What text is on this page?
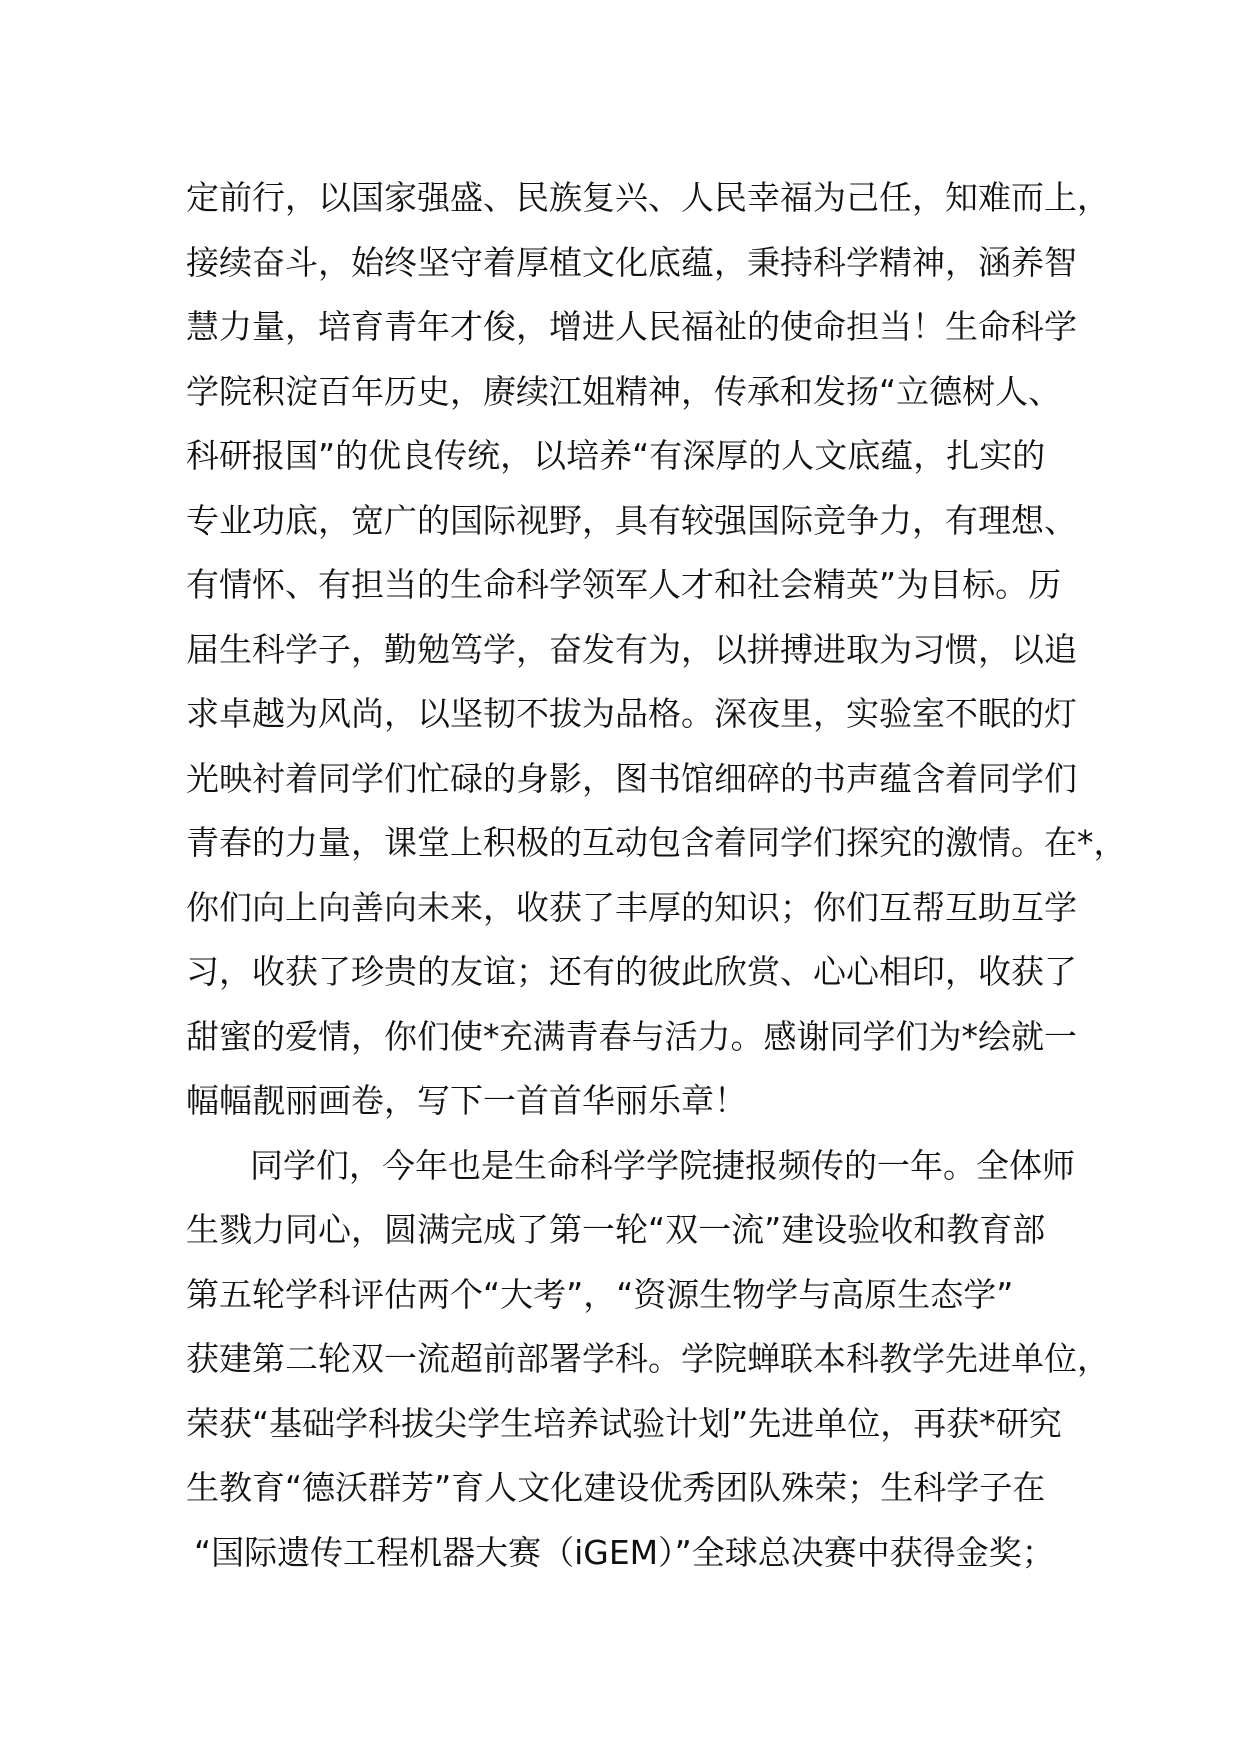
定前行，以国家强盛、民族复兴、人民幸福为己任，知难而上，
接续奋斗，始终坚守着厚植文化底蕴，秉持科学精神，涵养智
慧力量，培育青年才俊，增进人民福祉的使命担当！生命科学
学院积淀百年历史，赓续江姐精神，传承和发扬“立德树人、
科研报国”的优良传统，以培养“有深厚的人文底蕴，扎实的
专业功底，宽广的国际视野，具有较强国际竞争力，有理想、
有情怀、有担当的生命科学领军人才和社会精英”为目标。历
届生科学子，勤勉笃学，奋发有为，以拼搏进取为习惯，以追
求卓越为风尚，以坚韧不拔为品格。深夜里，实验室不眠的灯
光映衬着同学们忙碌的身影，图书馆细碎的书声蕴含着同学们
青春的力量，课堂上积极的互动包含着同学们探究的激情。在*，
你们向上向善向未来，收获了丰厚的知识；你们互帮互助互学
习，收获了珍贵的友谊；还有的彼此欣赏、心心相印，收获了
甜蜜的爱情，你们使*充满青春与活力。感谢同学们为*绘就一
幅幅靓丽画卷，写下一首首华丽乐章！
同学们，今年也是生命科学学院捷报频传的一年。全体师
生戮力同心，圆满完成了第一轮“双一流”建设验收和教育部
第五轮学科评估两个“大考”，“资源生物学与高原生态学”
获建第二轮双一流超前部署学科。学院蝉联本科教学先进单位，
荣获“基础学科拔尖学生培养试验计划”先进单位，再获*研究
生教育“德沃群芳”育人文化建设优秀团队殊荣；生科学子在
“国际遗传工程机器大赛（iGEM）”全球总决赛中获得金奖；
